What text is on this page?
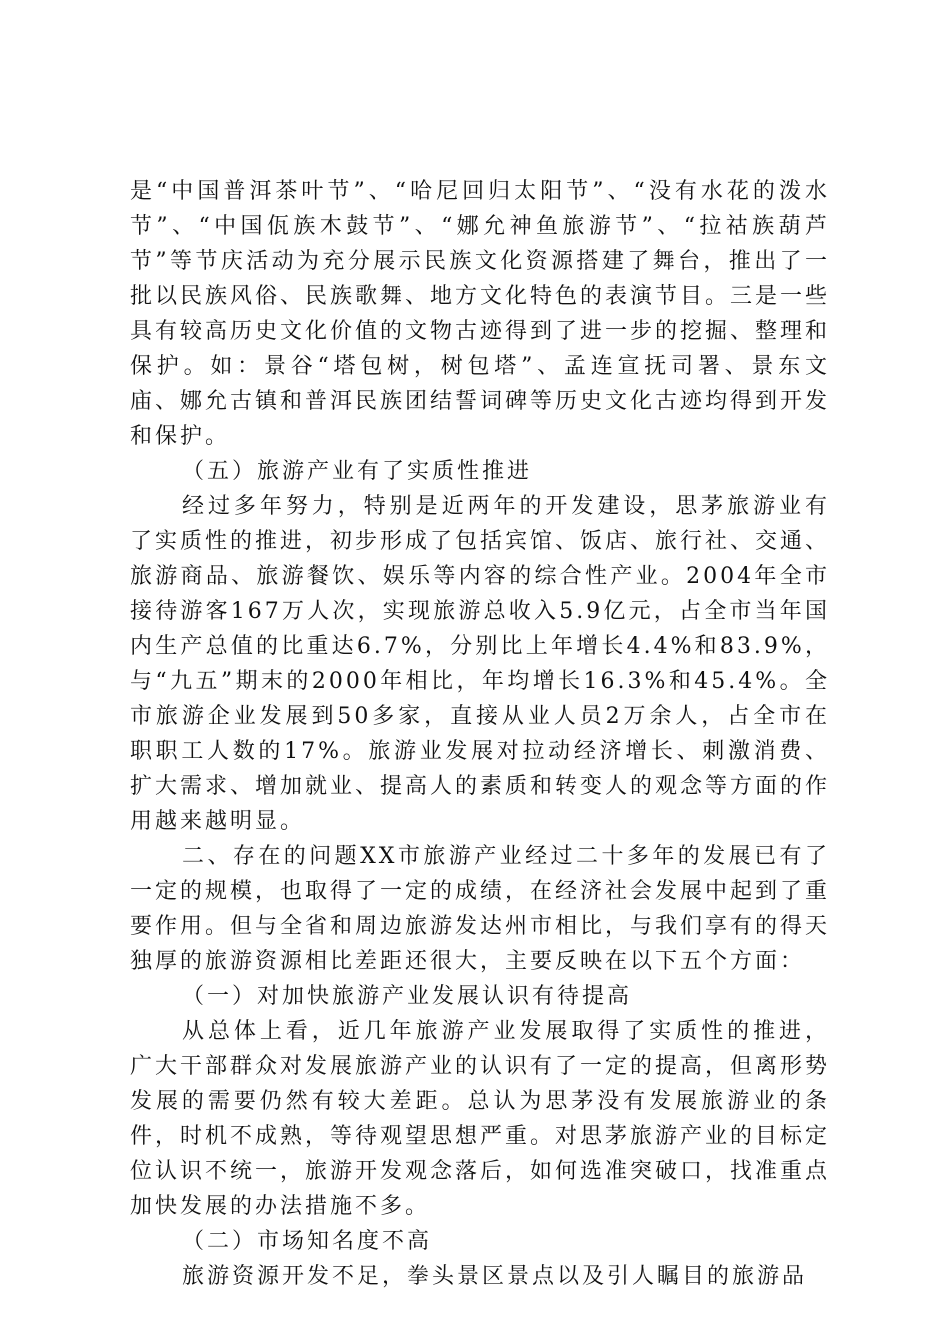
是“中国普洱茶叶节”、“哈尼回归太阳节”、“没有水花的泼水节”、“中国佤族木鼓节”、“娜允神鱼旅游节”、“拉祜族葫芦节”等节庆活动为充分展示民族文化资源搭建了舞台，推出了一批以民族风俗、民族歌舞、地方文化特色的表演节目。三是一些具有较高历史文化价值的文物古迹得到了进一步的挖掘、整理和保护。如：景谷“塔包树，树包塔”、孟连宣抚司署、景东文庙、娜允古镇和普洱民族团结誓词碑等历史文化古迹均得到开发和保护。

（五）旅游产业有了实质性推进

经过多年努力，特别是近两年的开发建设，思茅旅游业有了实质性的推进，初步形成了包括宾馆、饭店、旅行社、交通、旅游商品、旅游餐饮、娱乐等内容的综合性产业。2004年全市接待游客167万人次，实现旅游总收入5.9亿元，占全市当年国内生产总值的比重达6.7%，分别比上年增长4.4%和83.9%，与“九五”期末的2000年相比，年均增长16.3%和45.4%。全市旅游企业发展到50多家，直接从业人员2万余人，占全市在职职工人数的17%。旅游业发展对拉动经济增长、刺激消费、扩大需求、增加就业、提高人的素质和转变人的观念等方面的作用越来越明显。

二、存在的问题XX市旅游产业经过二十多年的发展已有了一定的规模，也取得了一定的成绩，在经济社会发展中起到了重要作用。但与全省和周边旅游发达州市相比，与我们享有的得天独厚的旅游资源相比差距还很大，主要反映在以下五个方面：

（一）对加快旅游产业发展认识有待提高

从总体上看，近几年旅游产业发展取得了实质性的推进，广大干部群众对发展旅游产业的认识有了一定的提高，但离形势发展的需要仍然有较大差距。总认为思茅没有发展旅游业的条件，时机不成熟，等待观望思想严重。对思茅旅游产业的目标定位认识不统一，旅游开发观念落后，如何选准突破口，找准重点加快发展的办法措施不多。

（二）市场知名度不高

旅游资源开发不足，拳头景区景点以及引人瞩目的旅游品
